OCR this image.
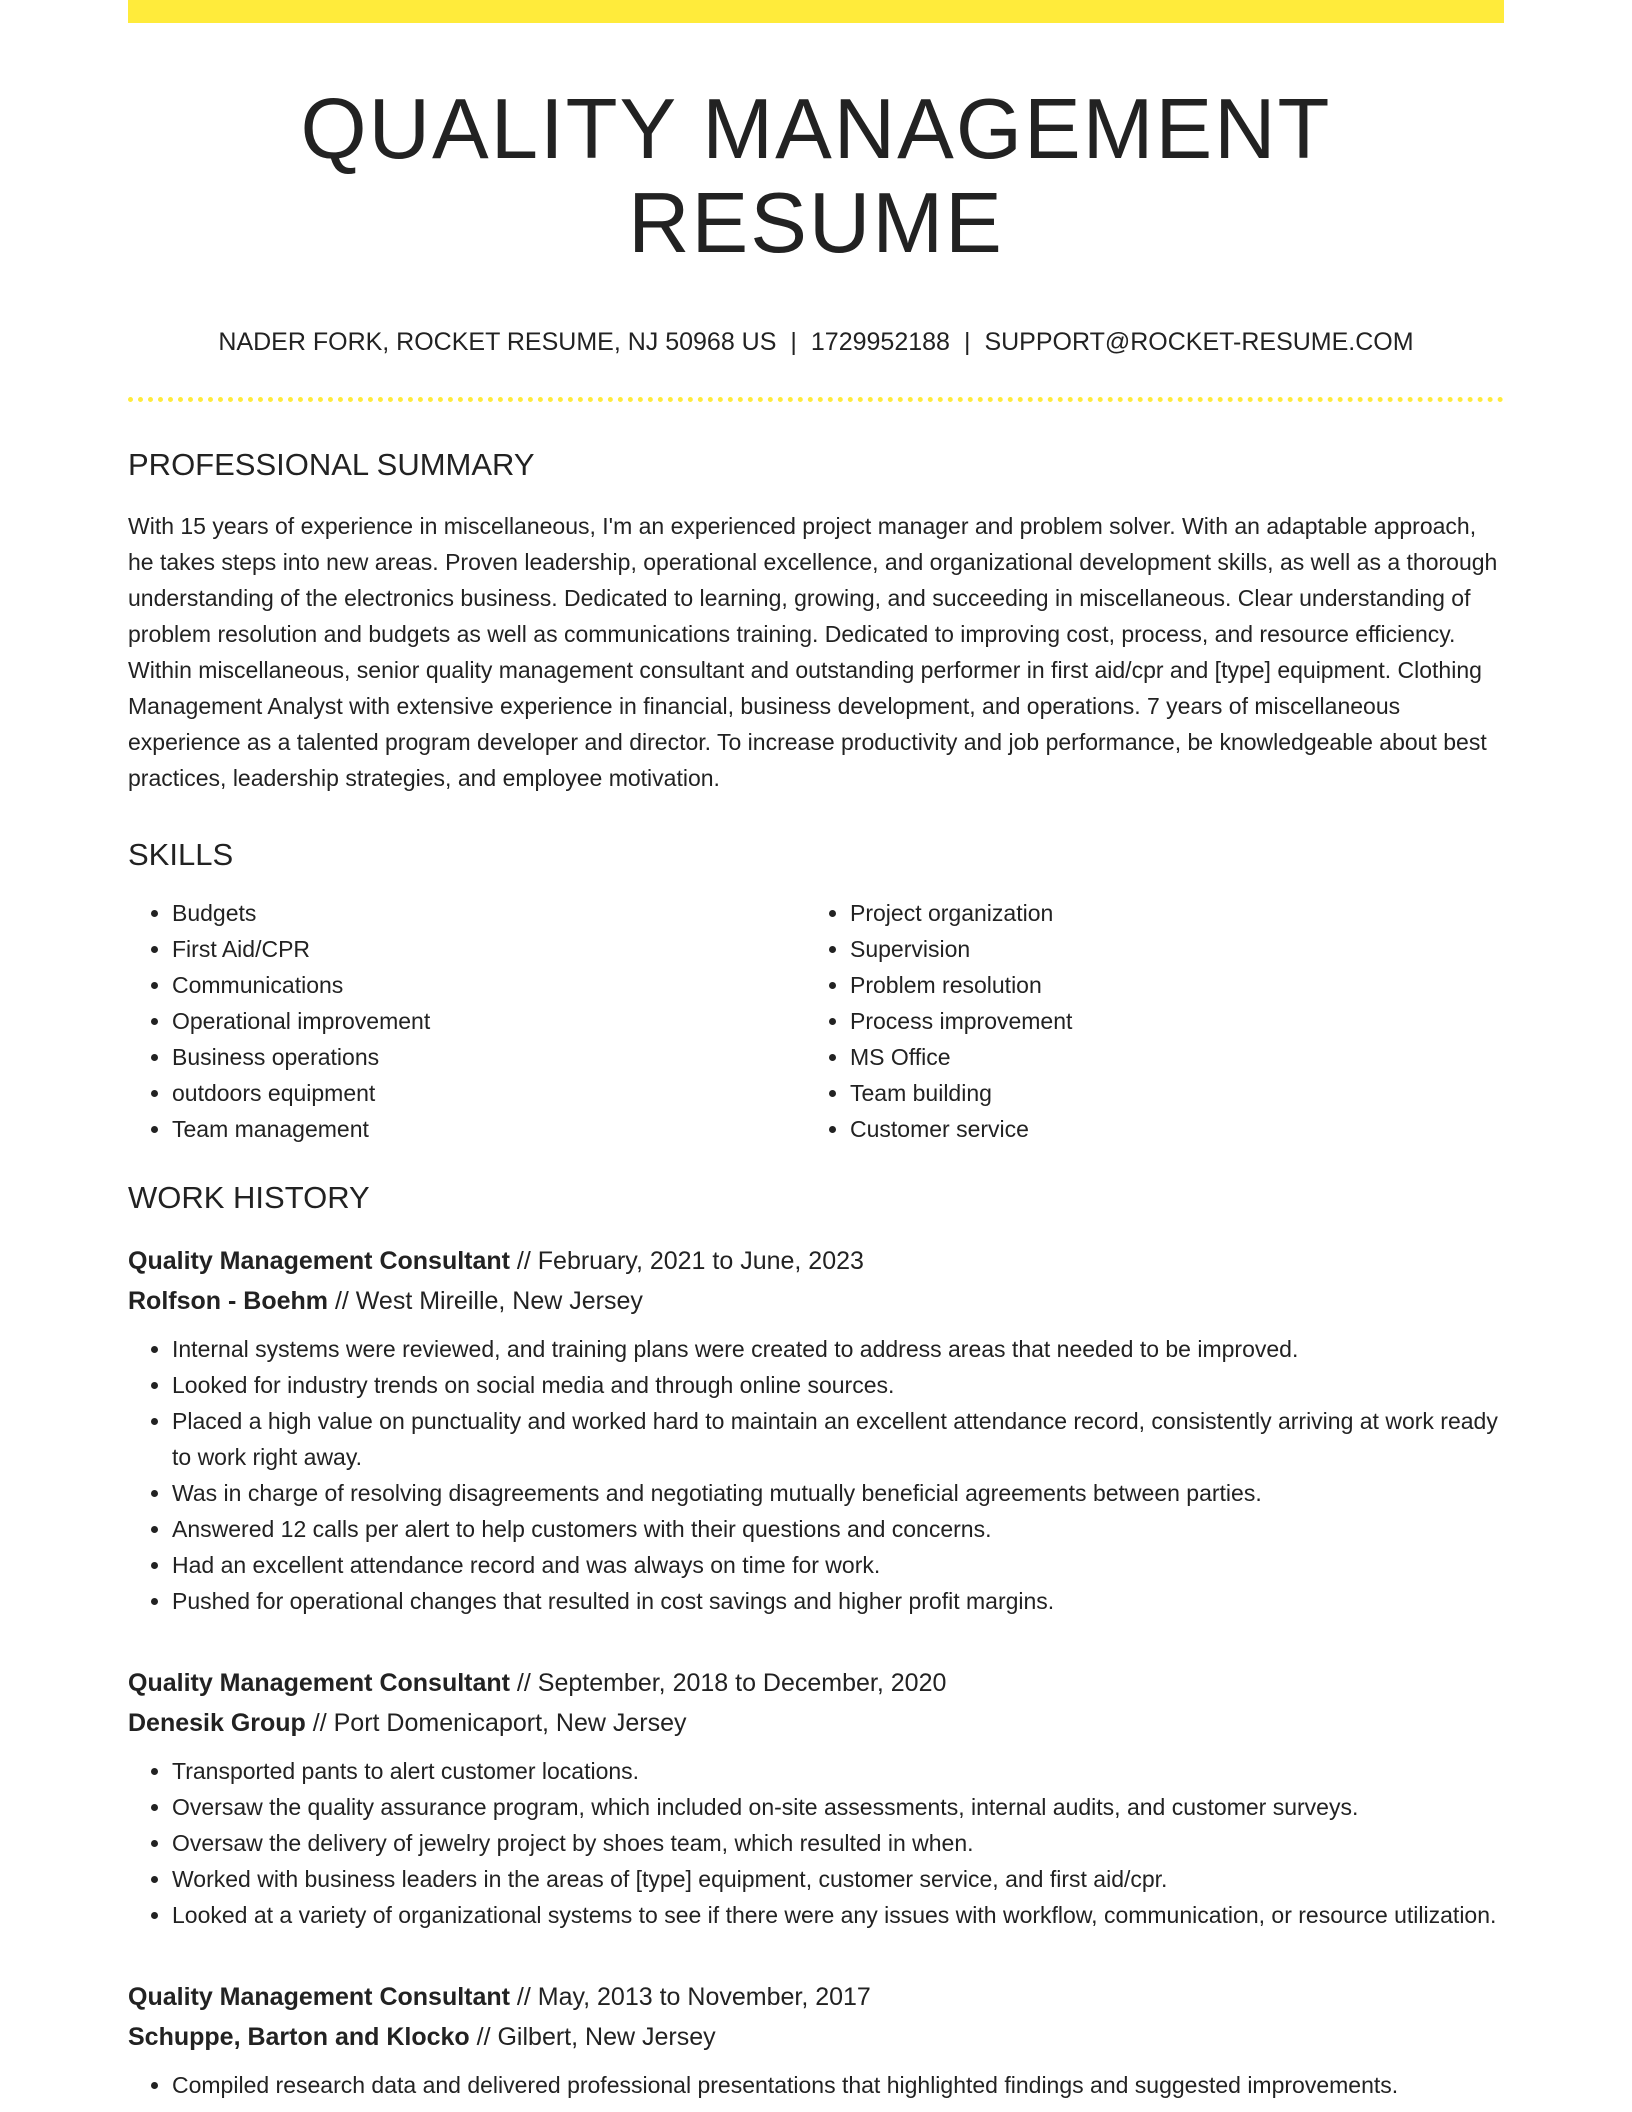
QUALITY MANAGEMENT RESUME
NADER FORK, ROCKET RESUME, NJ 50968 US | 1729952188 | SUPPORT@ROCKET-RESUME.COM
PROFESSIONAL SUMMARY

With 15 years of experience in miscellaneous, I'm an experienced project manager and problem solver. With an adaptable approach, he takes steps into new areas. Proven leadership, operational excellence, and organizational development skills, as well as a thorough understanding of the electronics business. Dedicated to learning, growing, and succeeding in miscellaneous. Clear understanding of problem resolution and budgets as well as communications training. Dedicated to improving cost, process, and resource efficiency. Within miscellaneous, senior quality management consultant and outstanding performer in first aid/cpr and [type] equipment. Clothing Management Analyst with extensive experience in financial, business development, and operations. 7 years of miscellaneous experience as a talented program developer and director. To increase productivity and job performance, be knowledgeable about best practices, leadership strategies, and employee motivation.

SKILLS
• Budgets
• First Aid/CPR
• Communications
• Operational improvement
• Business operations
• outdoors equipment
• Team management
• Project organization
• Supervision
• Problem resolution
• Process improvement
• MS Office
• Team building
• Customer service
WORK HISTORY
Quality Management Consultant // February, 2021 to June, 2023
Rolfson - Boehm // West Mireille, New Jersey
• Internal systems were reviewed, and training plans were created to address areas that needed to be improved.
• Looked for industry trends on social media and through online sources.
• Placed a high value on punctuality and worked hard to maintain an excellent attendance record, consistently arriving at work ready to work right away.
• Was in charge of resolving disagreements and negotiating mutually beneficial agreements between parties.
• Answered 12 calls per alert to help customers with their questions and concerns.
• Had an excellent attendance record and was always on time for work.
• Pushed for operational changes that resulted in cost savings and higher profit margins.
Quality Management Consultant // September, 2018 to December, 2020
Denesik Group // Port Domenicaport, New Jersey
• Transported pants to alert customer locations.
• Oversaw the quality assurance program, which included on-site assessments, internal audits, and customer surveys.
• Oversaw the delivery of jewelry project by shoes team, which resulted in when.
• Worked with business leaders in the areas of [type] equipment, customer service, and first aid/cpr.
• Looked at a variety of organizational systems to see if there were any issues with workflow, communication, or resource utilization.
Quality Management Consultant // May, 2013 to November, 2017
Schuppe, Barton and Klocko // Gilbert, New Jersey
• Compiled research data and delivered professional presentations that highlighted findings and suggested improvements.
